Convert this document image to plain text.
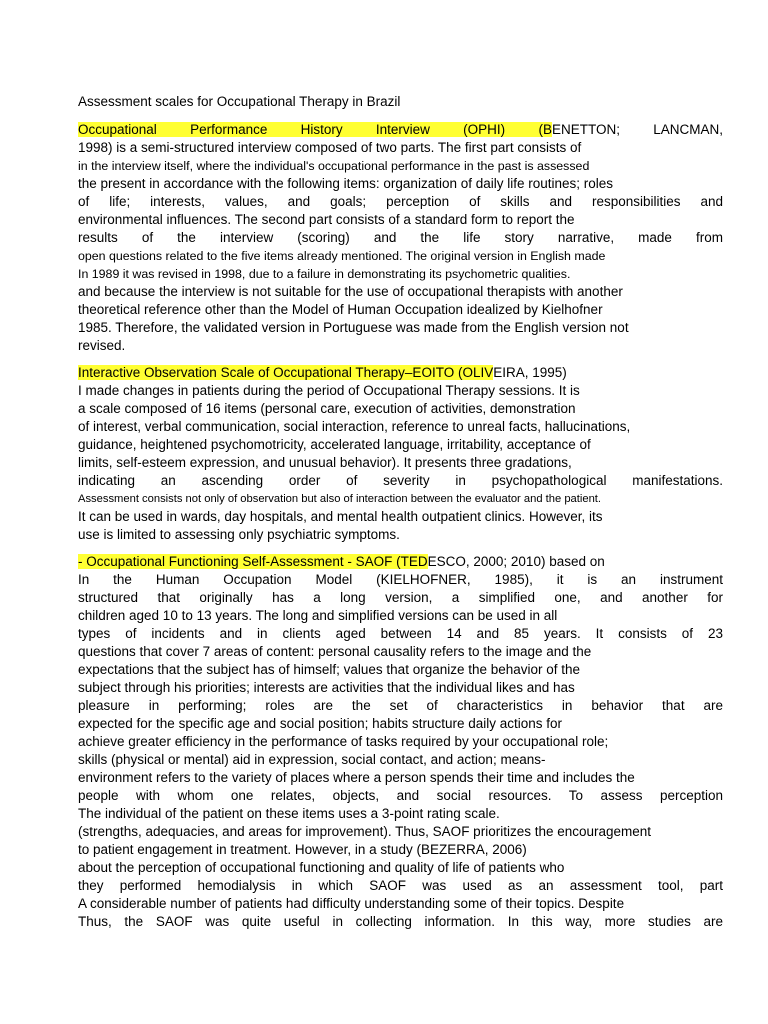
Assessment scales for Occupational Therapy in Brazil
Occupational Performance History Interview (OPHI) (BENETTON; LANCMAN,
1998) is a semi-structured interview composed of two parts. The first part consists of
in the interview itself, where the individual's occupational performance in the past is assessed
the present in accordance with the following items: organization of daily life routines; roles
of life; interests, values, and goals; perception of skills and responsibilities and
environmental influences. The second part consists of a standard form to report the
results of the interview (scoring) and the life story narrative, made from
open questions related to the five items already mentioned. The original version in English made
In 1989 it was revised in 1998, due to a failure in demonstrating its psychometric qualities.
and because the interview is not suitable for the use of occupational therapists with another
theoretical reference other than the Model of Human Occupation idealized by Kielhofner
1985. Therefore, the validated version in Portuguese was made from the English version not
revised.
Interactive Observation Scale of Occupational Therapy–EOITO (OLIVEIRA, 1995)
I made changes in patients during the period of Occupational Therapy sessions. It is
a scale composed of 16 items (personal care, execution of activities, demonstration
of interest, verbal communication, social interaction, reference to unreal facts, hallucinations,
guidance, heightened psychomotricity, accelerated language, irritability, acceptance of
limits, self-esteem expression, and unusual behavior). It presents three gradations,
indicating an ascending order of severity in psychopathological manifestations.
Assessment consists not only of observation but also of interaction between the evaluator and the patient.
It can be used in wards, day hospitals, and mental health outpatient clinics. However, its
use is limited to assessing only psychiatric symptoms.
- Occupational Functioning Self-Assessment - SAOF (TEDESCO, 2000; 2010) based on
In the Human Occupation Model (KIELHOFNER, 1985), it is an instrument
structured that originally has a long version, a simplified one, and another for
children aged 10 to 13 years. The long and simplified versions can be used in all
types of incidents and in clients aged between 14 and 85 years. It consists of 23
questions that cover 7 areas of content: personal causality refers to the image and the
expectations that the subject has of himself; values that organize the behavior of the
subject through his priorities; interests are activities that the individual likes and has
pleasure in performing; roles are the set of characteristics in behavior that are
expected for the specific age and social position; habits structure daily actions for
achieve greater efficiency in the performance of tasks required by your occupational role;
skills (physical or mental) aid in expression, social contact, and action; means-
environment refers to the variety of places where a person spends their time and includes the
people with whom one relates, objects, and social resources. To assess perception
The individual of the patient on these items uses a 3-point rating scale.
(strengths, adequacies, and areas for improvement). Thus, SAOF prioritizes the encouragement
to patient engagement in treatment. However, in a study (BEZERRA, 2006)
about the perception of occupational functioning and quality of life of patients who
they performed hemodialysis in which SAOF was used as an assessment tool, part
A considerable number of patients had difficulty understanding some of their topics. Despite
Thus, the SAOF was quite useful in collecting information. In this way, more studies are
